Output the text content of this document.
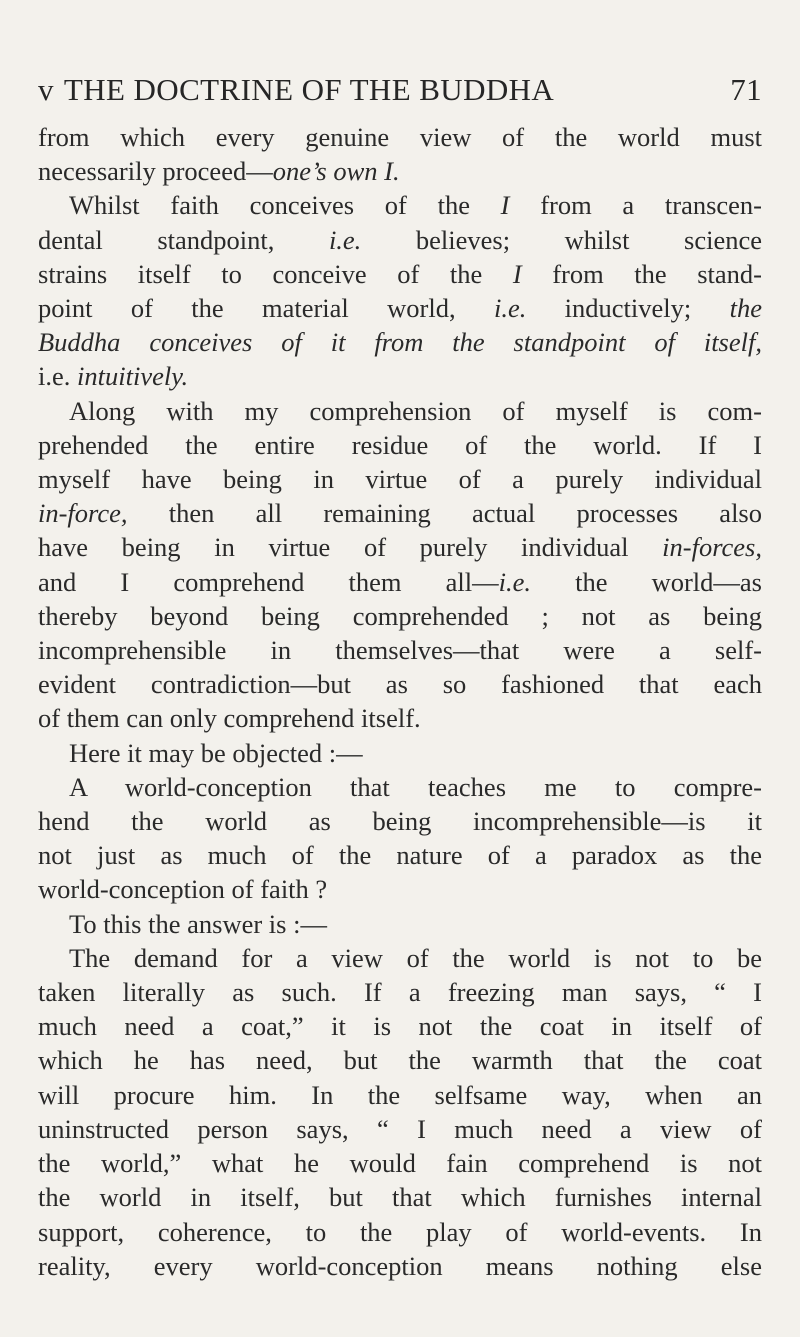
v THE DOCTRINE OF THE BUDDHA	71
from which every genuine view of the world must
necessarily proceed—one’s own I.
Whilst faith conceives of the I from a transcen-
dental standpoint, i.e. believes; whilst science
strains itself to conceive of the I from the stand-
point of the material world, i.e. inductively; the
Buddha conceives of it from the standpoint of itself,
i.e. intuitively.
Along with my comprehension of myself is com-
prehended the entire residue of the world. If I
myself have being in virtue of a purely individual
in-force, then all remaining actual processes also
have being in virtue of purely individual in-forces,
and I comprehend them all—i.e. the world—as
thereby beyond being comprehended ; not as being
incomprehensible in themselves—that were a self-
evident contradiction—but as so fashioned that each
of them can only comprehend itself.
Here it may be objected :—
A world-conception that teaches me to compre-
hend the world as being incomprehensible—is it
not just as much of the nature of a paradox as the
world-conception of faith ?
To this the answer is :—
The demand for a view of the world is not to be
taken literally as such. If a freezing man says, “ I
much need a coat,” it is not the coat in itself of
which he has need, but the warmth that the coat
will procure him. In the selfsame way, when an
uninstructed person says, “ I much need a view of
the world,” what he would fain comprehend is not
the world in itself, but that which furnishes internal
support, coherence, to the play of world-events. In
reality, every world-conception means nothing else
